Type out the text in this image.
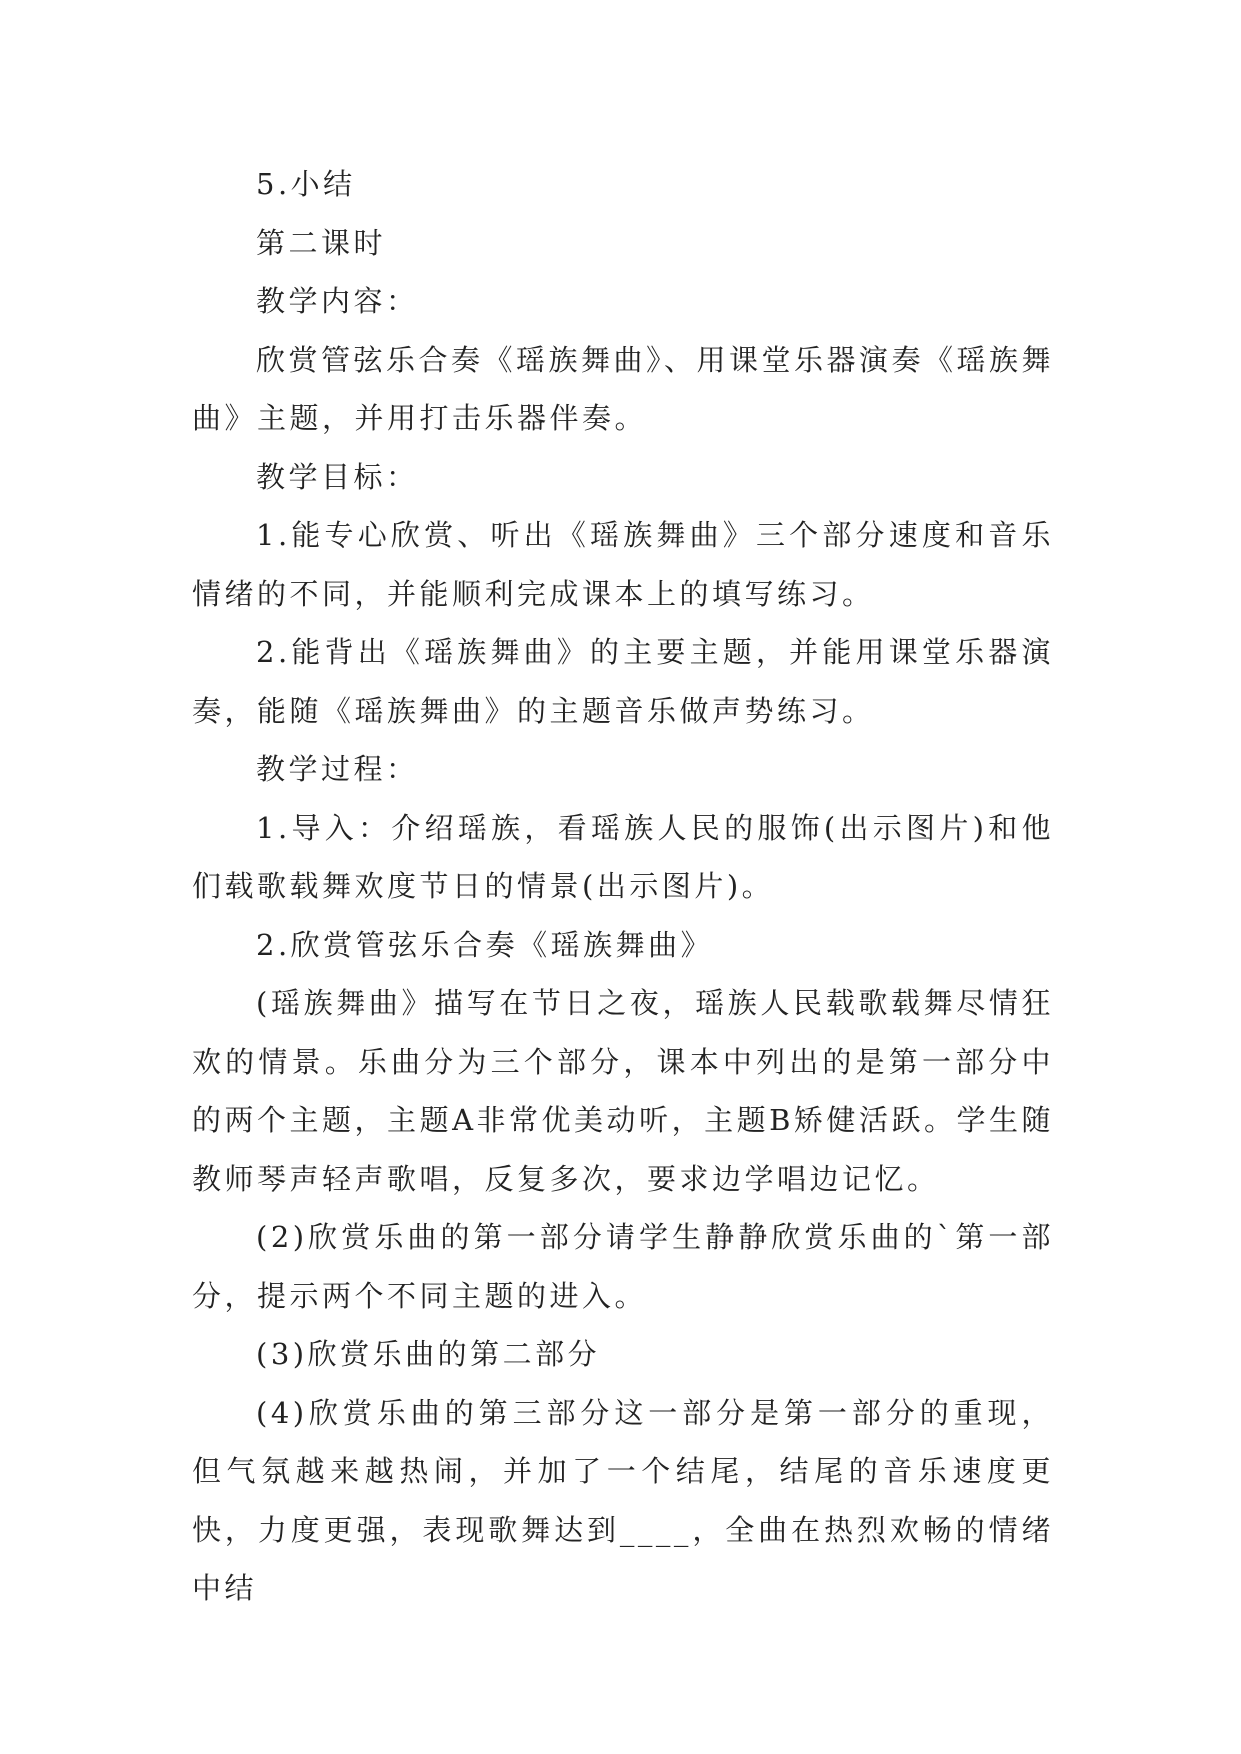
5.小结

第二课时

教学内容：

欣赏管弦乐合奏《瑶族舞曲》、用课堂乐器演奏《瑶族舞曲》主题，并用打击乐器伴奏。

教学目标：

1.能专心欣赏、听出《瑶族舞曲》三个部分速度和音乐情绪的不同，并能顺利完成课本上的填写练习。

2.能背出《瑶族舞曲》的主要主题，并能用课堂乐器演奏，能随《瑶族舞曲》的主题音乐做声势练习。

教学过程：

1.导入：介绍瑶族，看瑶族人民的服饰(出示图片)和他们载歌载舞欢度节日的情景(出示图片)。

2.欣赏管弦乐合奏《瑶族舞曲》

(瑶族舞曲》描写在节日之夜，瑶族人民载歌载舞尽情狂欢的情景。乐曲分为三个部分，课本中列出的是第一部分中的两个主题，主题A非常优美动听，主题B矫健活跃。学生随教师琴声轻声歌唱，反复多次，要求边学唱边记忆。

(2)欣赏乐曲的第一部分请学生静静欣赏乐曲的`第一部分，提示两个不同主题的进入。

(3)欣赏乐曲的第二部分

(4)欣赏乐曲的第三部分这一部分是第一部分的重现，但气氛越来越热闹，并加了一个结尾，结尾的音乐速度更快，力度更强，表现歌舞达到____，全曲在热烈欢畅的情绪中结
